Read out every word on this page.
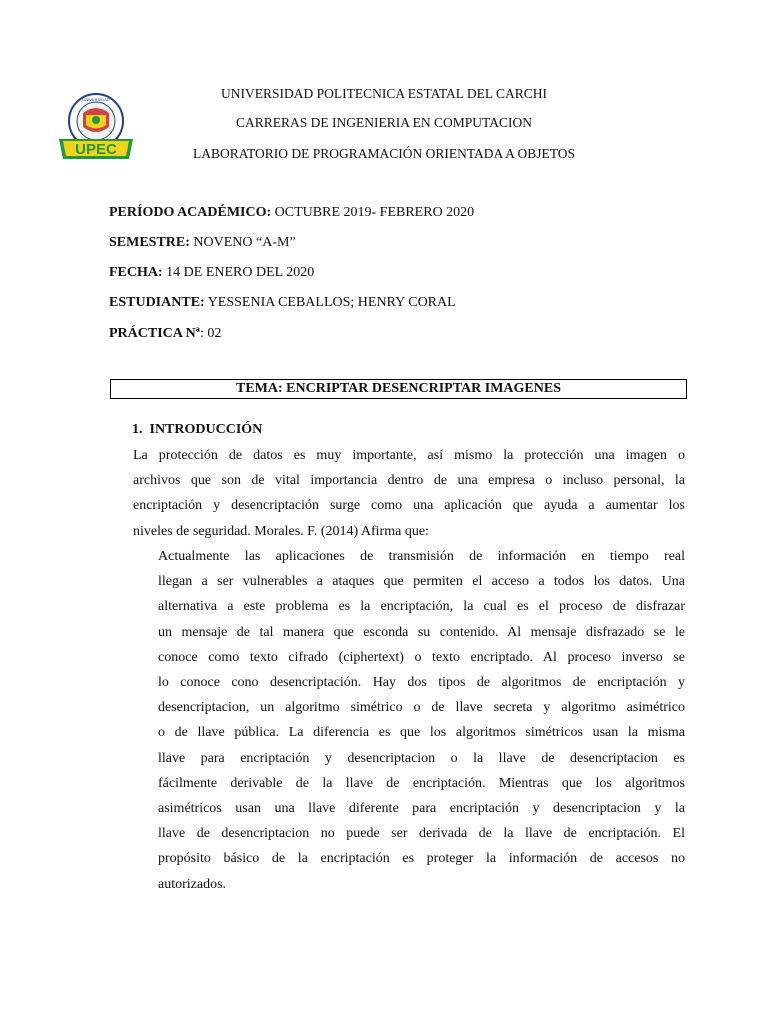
UNIVERSIDAD
UPEC
UNIVERSIDAD POLITECNICA ESTATAL DEL CARCHI
CARRERAS DE INGENIERIA EN COMPUTACION
LABORATORIO DE PROGRAMACIÓN ORIENTADA A OBJETOS
PERÍODO ACADÉMICO: OCTUBRE 2019- FEBRERO 2020
SEMESTRE: NOVENO “A-M”
FECHA: 14 DE ENERO DEL 2020
ESTUDIANTE: YESSENIA CEBALLOS; HENRY CORAL
PRÁCTICA Nª: 02
TEMA: ENCRIPTAR DESENCRIPTAR IMAGENES
1. INTRODUCCIÓN
La protección de datos es muy importante, así mismo la protección una imagen o
archivos que son de vital importancia dentro de una empresa o incluso personal, la
encriptación y desencriptación surge como una aplicación que ayuda a aumentar los
niveles de seguridad. Morales. F. (2014) Afirma que:
Actualmente las aplicaciones de transmisión de información en tiempo real
llegan a ser vulnerables a ataques que permiten el acceso a todos los datos. Una
alternativa a este problema es la encriptación, la cual es el proceso de disfrazar
un mensaje de tal manera que esconda su contenido. Al mensaje disfrazado se le
conoce como texto cifrado (ciphertext) o texto encriptado. Al proceso inverso se
lo conoce cono desencriptación. Hay dos tipos de algoritmos de encriptación y
desencriptacion, un algoritmo simétrico o de llave secreta y algoritmo asimétrico
o de llave pública. La diferencia es que los algoritmos simétricos usan la misma
llave para encriptación y desencriptacion o la llave de desencriptacion es
fácilmente derivable de la llave de encriptación. Mientras que los algoritmos
asimétricos usan una llave diferente para encriptación y desencriptacion y la
llave de desencriptacion no puede ser derivada de la llave de encriptación. El
propósito básico de la encriptación es proteger la información de accesos no
autorizados.
